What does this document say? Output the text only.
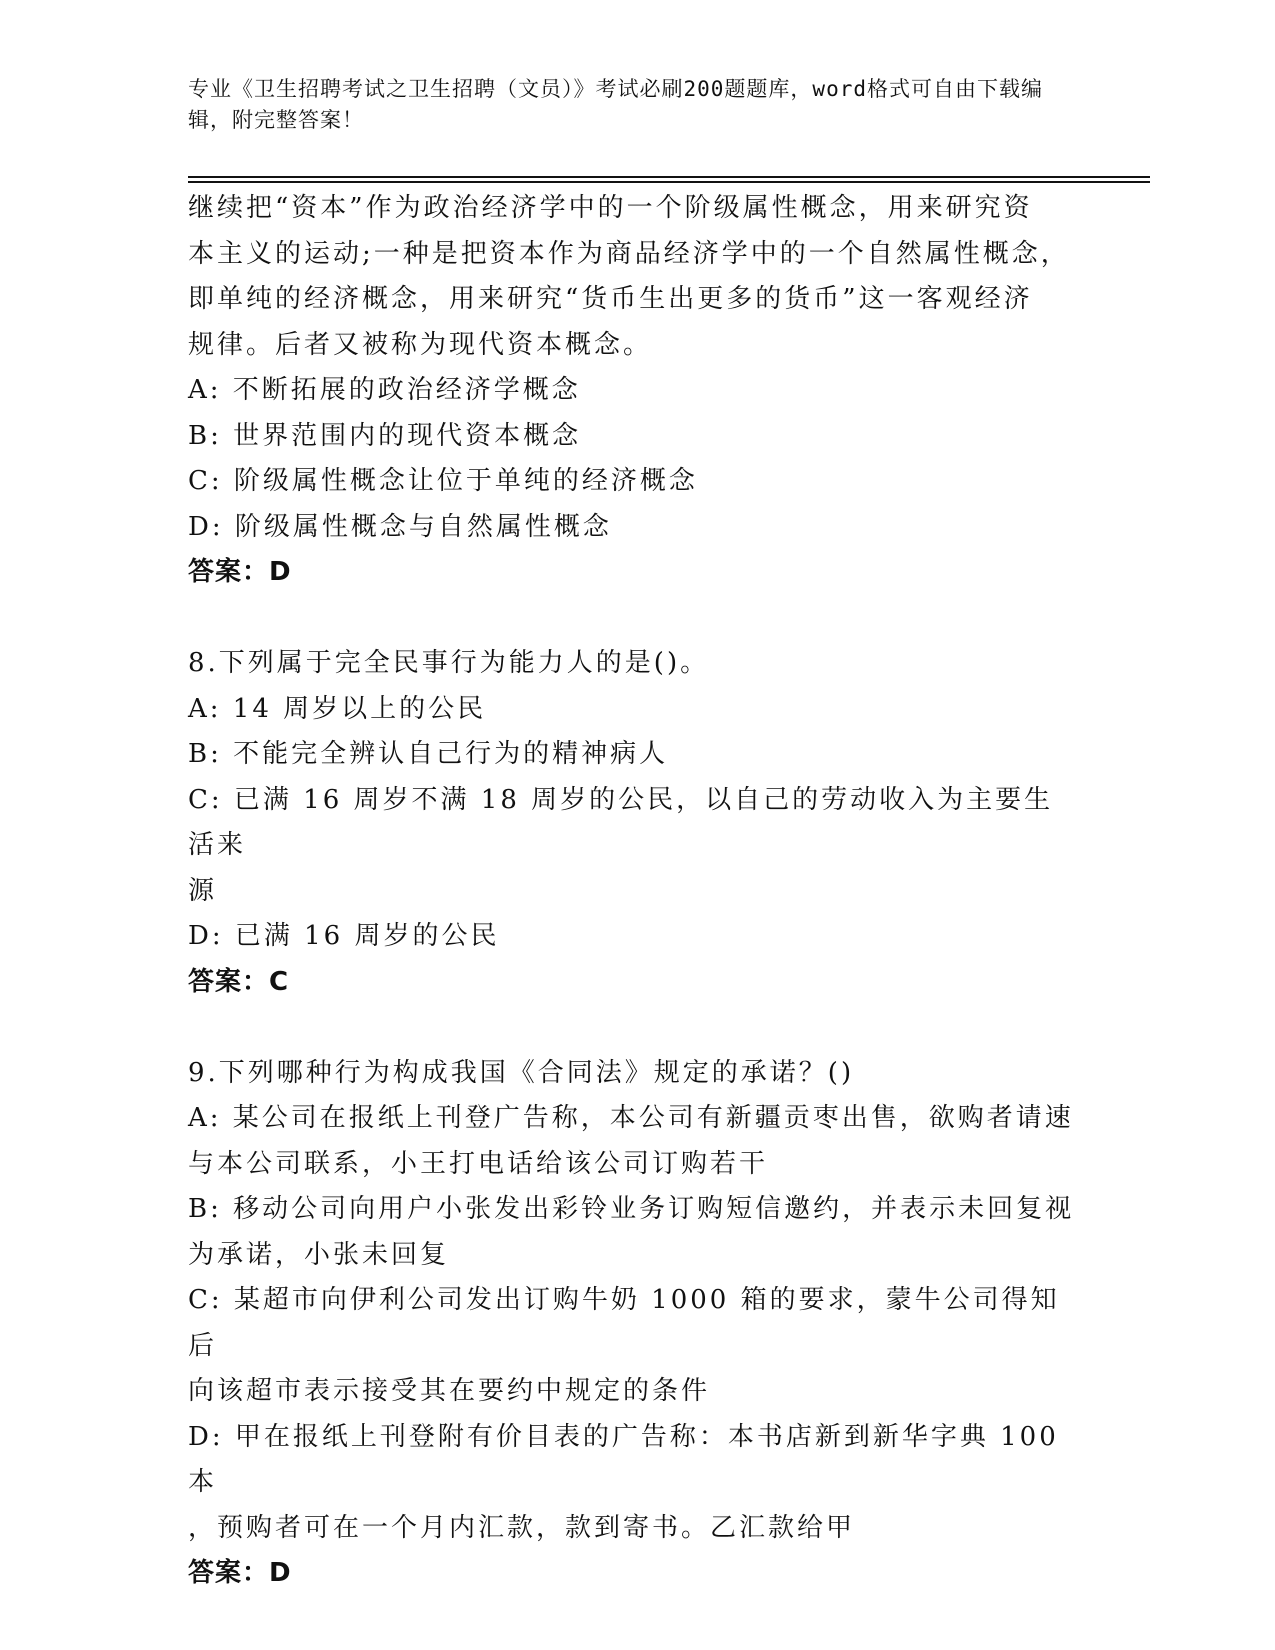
专业《卫生招聘考试之卫生招聘（文员）》考试必刷200题题库，word格式可自由下载编辑，附完整答案！
继续把“资本”作为政治经济学中的一个阶级属性概念，用来研究资
本主义的运动;一种是把资本作为商品经济学中的一个自然属性概念，
即单纯的经济概念，用来研究“货币生出更多的货币”这一客观经济
规律。后者又被称为现代资本概念。
A: 不断拓展的政治经济学概念
B: 世界范围内的现代资本概念
C: 阶级属性概念让位于单纯的经济概念
D: 阶级属性概念与自然属性概念
答案：D
8.下列属于完全民事行为能力人的是()。
A: 14 周岁以上的公民
B: 不能完全辨认自己行为的精神病人
C: 已满 16 周岁不满 18 周岁的公民，以自己的劳动收入为主要生活来
源
D: 已满 16 周岁的公民
答案：C
9.下列哪种行为构成我国《合同法》规定的承诺？()
A: 某公司在报纸上刊登广告称，本公司有新疆贡枣出售，欲购者请速
与本公司联系，小王打电话给该公司订购若干
B: 移动公司向用户小张发出彩铃业务订购短信邀约，并表示未回复视
为承诺，小张未回复
C: 某超市向伊利公司发出订购牛奶 1000 箱的要求，蒙牛公司得知后
向该超市表示接受其在要约中规定的条件
D: 甲在报纸上刊登附有价目表的广告称：本书店新到新华字典 100 本
，预购者可在一个月内汇款，款到寄书。乙汇款给甲
答案：D
